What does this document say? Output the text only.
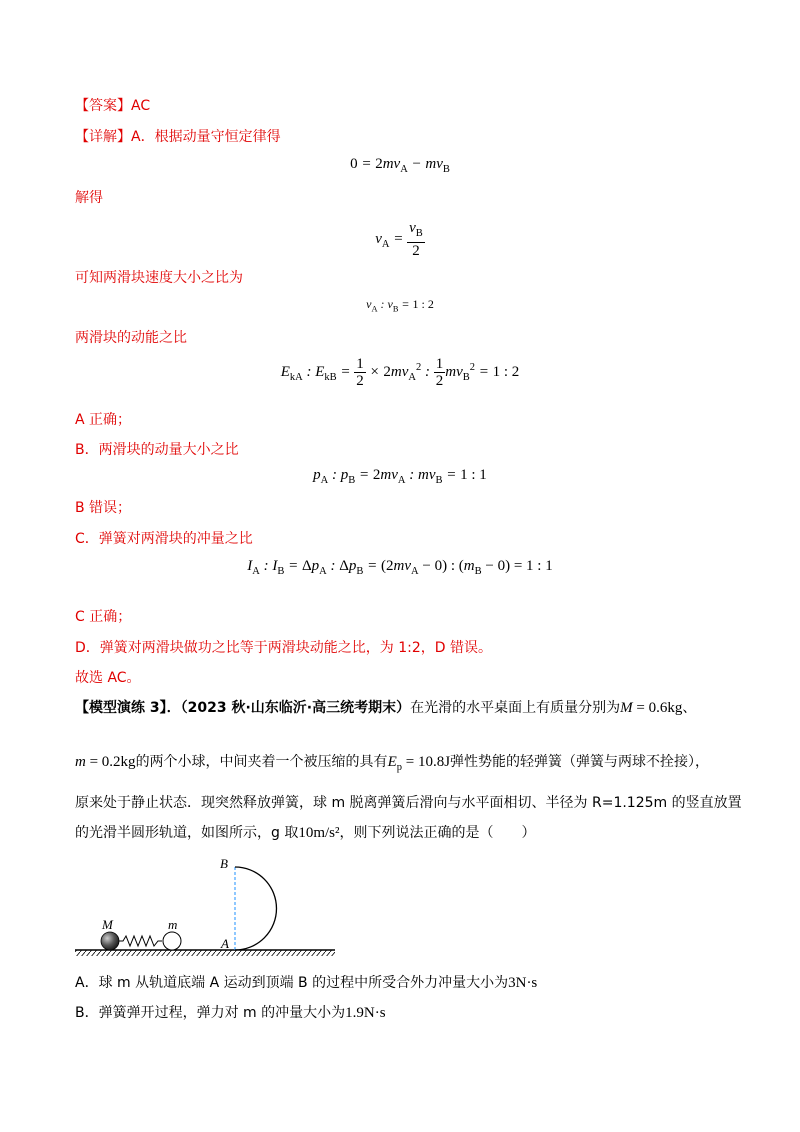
【答案】AC
【详解】A．根据动量守恒定律得
$0 = 2mv_A - mv_B$
解得
$v_A = \frac{v_B}{2}$
可知两滑块速度大小之比为
$v_A$ : $v_B = 1$ : 2
两滑块的动能之比
$E_{kA}$ : $E_{kB} = \frac{1}{2} \times 2mv_A^2$ : $\frac{1}{2} mv_B^2 = 1$ : 2
A 正确；
B．两滑块的动量大小之比
$p_A$ : $p_B = 2mv_A$ : $mv_B = 1$ : 1
B 错误；
C．弹簧对两滑块的冲量之比
$I_A$ : $I_B = \Delta p_A$ : $\Delta p_B = (2mv_A - 0)$ : $(m_B - 0) = 1$ : 1
C 正确；
D．弹簧对两滑块做功之比等于两滑块动能之比，为 1:2，D 错误。
故选 AC。
【模型演练 3】．（2023 秋·山东临沂·高三统考期末）在光滑的水平桌面上有质量分别为M = 0.6kg、
m = 0.2kg的两个小球，中间夹着一个被压缩的具有$E_p = 10.8J$弹性势能的轻弹簧（弹簧与两球不拴接），
原来处于静止状态．现突然释放弹簧，球 m 脱离弹簧后滑向与水平面相切、半径为 R=1.125m 的竖直放置
的光滑半圆形轨道，如图所示，g 取10m/s²，则下列说法正确的是（　　）
M	m
A
B
A．球 m 从轨道底端 A 运动到顶端 B 的过程中所受合外力冲量大小为3N·s
B．弹簧弹开过程，弹力对 m 的冲量大小为1.9N·s
